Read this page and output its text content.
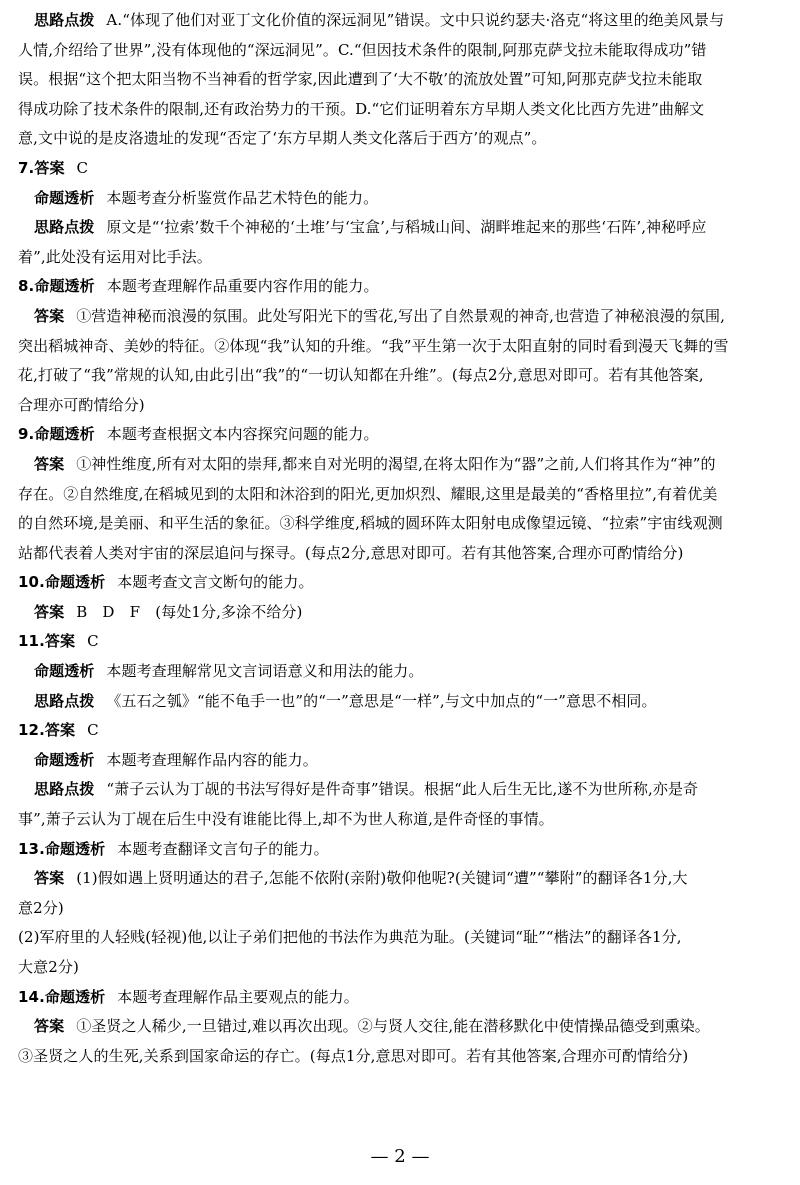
思路点拨 A.“体现了他们对亚丁文化价值的深远洞见”错误。文中只说约瑟夫·洛克“将这里的绝美风景与
人情,介绍给了世界”,没有体现他的“深远洞见”。C.“但因技术条件的限制,阿那克萨戈拉未能取得成功”错
误。根据“这个把太阳当物不当神看的哲学家,因此遭到了‘大不敬’的流放处置”可知,阿那克萨戈拉未能取
得成功除了技术条件的限制,还有政治势力的干预。D.“它们证明着东方早期人类文化比西方先进”曲解文
意,文中说的是皮洛遗址的发现“否定了‘东方早期人类文化落后于西方’的观点”。
7.答案 C
命题透析 本题考查分析鉴赏作品艺术特色的能力。
思路点拨 原文是“‘拉索’数千个神秘的‘土堆’与‘宝盒’,与稻城山间、湖畔堆起来的那些‘石阵’,神秘呼应
着”,此处没有运用对比手法。
8.命题透析 本题考查理解作品重要内容作用的能力。
答案 ①营造神秘而浪漫的氛围。此处写阳光下的雪花,写出了自然景观的神奇,也营造了神秘浪漫的氛围,
突出稻城神奇、美妙的特征。②体现“我”认知的升维。“我”平生第一次于太阳直射的同时看到漫天飞舞的雪
花,打破了“我”常规的认知,由此引出“我”的“一切认知都在升维”。(每点2分,意思对即可。若有其他答案,
合理亦可酌情给分)
9.命题透析 本题考查根据文本内容探究问题的能力。
答案 ①神性维度,所有对太阳的崇拜,都来自对光明的渴望,在将太阳作为“器”之前,人们将其作为“神”的
存在。②自然维度,在稻城见到的太阳和沐浴到的阳光,更加炽烈、耀眼,这里是最美的“香格里拉”,有着优美
的自然环境,是美丽、和平生活的象征。③科学维度,稻城的圆环阵太阳射电成像望远镜、“拉索”宇宙线观测
站都代表着人类对宇宙的深层追问与探寻。(每点2分,意思对即可。若有其他答案,合理亦可酌情给分)
10.命题透析 本题考查文言文断句的能力。
答案 B　D　F　(每处1分,多涂不给分)
11.答案 C
命题透析 本题考查理解常见文言词语意义和用法的能力。
思路点拨 《五石之瓠》“能不龟手一也”的“一”意思是“一样”,与文中加点的“一”意思不相同。
12.答案 C
命题透析 本题考查理解作品内容的能力。
思路点拨 “萧子云认为丁觇的书法写得好是件奇事”错误。根据“此人后生无比,遂不为世所称,亦是奇
事”,萧子云认为丁觇在后生中没有谁能比得上,却不为世人称道,是件奇怪的事情。
13.命题透析 本题考查翻译文言句子的能力。
答案 (1)假如遇上贤明通达的君子,怎能不依附(亲附)敬仰他呢?(关键词“遭”“攀附”的翻译各1分,大
意2分)
(2)军府里的人轻贱(轻视)他,以让子弟们把他的书法作为典范为耻。(关键词“耻”“楷法”的翻译各1分,
大意2分)
14.命题透析 本题考查理解作品主要观点的能力。
答案 ①圣贤之人稀少,一旦错过,难以再次出现。②与贤人交往,能在潜移默化中使情操品德受到熏染。
③圣贤之人的生死,关系到国家命运的存亡。(每点1分,意思对即可。若有其他答案,合理亦可酌情给分)
— 2 —
